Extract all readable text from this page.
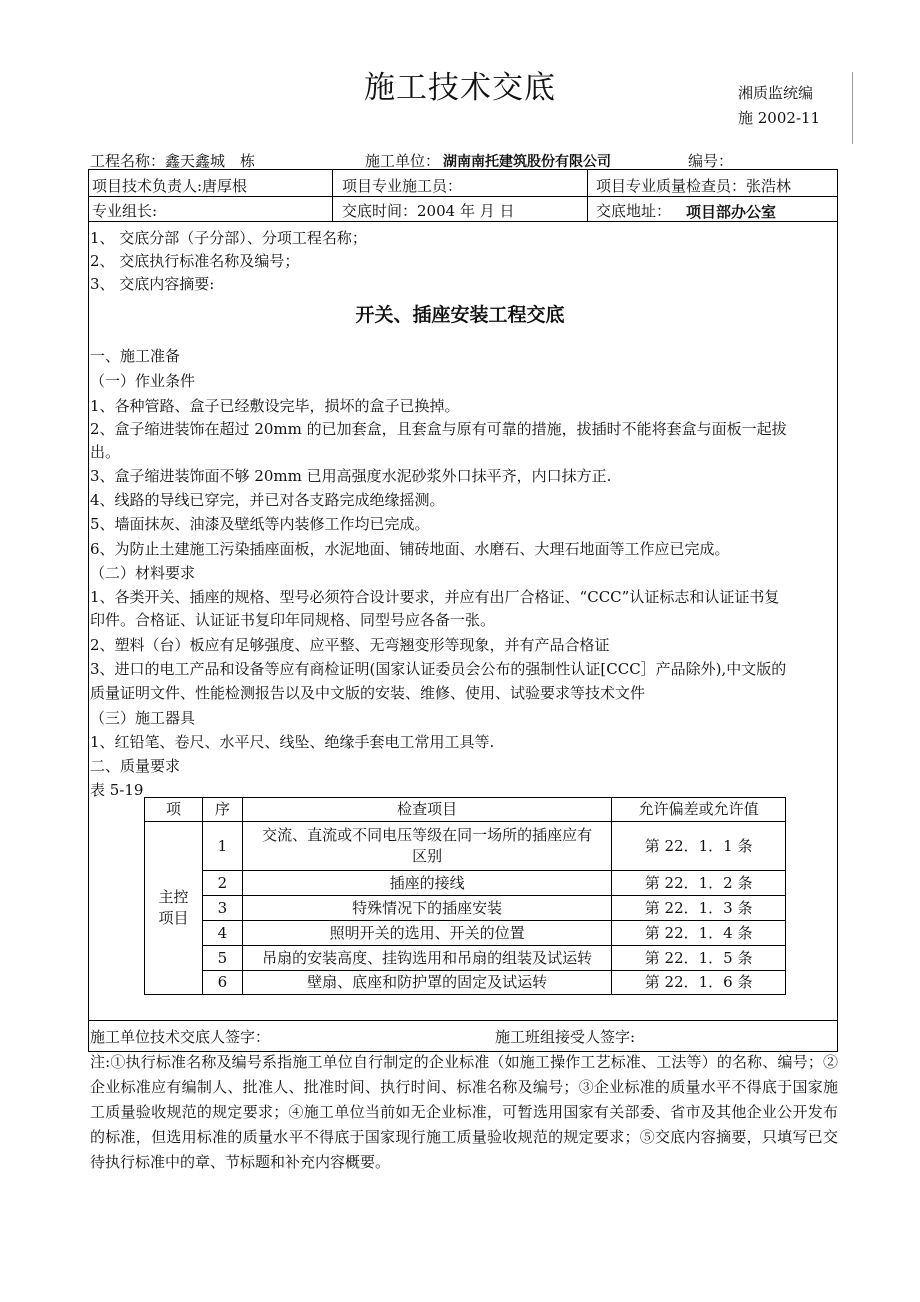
施工技术交底	湘质监统编
施 2002-11
工程名称：鑫天鑫城　栋	施工单位： 湖南南托建筑股份有限公司	编号：
项目技术负责人:唐厚根	项目专业施工员：	项目专业质量检查员：张浩林
专业组长:	交底时间：2004 年 月 日	交底地址： 项目部办公室
1、 交底分部（子分部）、分项工程名称；
2、 交底执行标准名称及编号；
3、 交底内容摘要:
开关、插座安装工程交底
一、施工准备
（一）作业条件
1、各种管路、盒子已经敷设完毕，损坏的盒子已换掉。
2、盒子缩进装饰在超过 20mm 的已加套盒，且套盒与原有可靠的措施，拔插时不能将套盒与面板一起拔
出。
3、盒子缩进装饰面不够 20mm 已用高强度水泥砂浆外口抹平齐，内口抹方正.
4、线路的导线已穿完，并已对各支路完成绝缘摇测。
5、墙面抹灰、油漆及壁纸等内装修工作均已完成。
6、为防止土建施工污染插座面板，水泥地面、铺砖地面、水磨石、大理石地面等工作应已完成。
（二）材料要求
1、各类开关、插座的规格、型号必须符合设计要求，并应有出厂合格证、“CCC”认证标志和认证证书复
印件。合格证、认证证书复印年同规格、同型号应各备一张。
2、塑料（台）板应有足够强度、应平整、无弯翘变形等现象，并有产品合格证
3、进口的电工产品和设备等应有商检证明(国家认证委员会公布的强制性认证[CCC］产品除外),中文版的
质量证明文件、性能检测报告以及中文版的安装、维修、使用、试验要求等技术文件
（三）施工器具
1、红铅笔、卷尺、水平尺、线坠、绝缘手套电工常用工具等.
二、质量要求
表 5-19
项	序	检查项目	允许偏差或允许值
主控项目	1	交流、直流或不同电压等级在同一场所的插座应有区别	第 22．1．1 条
	2	插座的接线	第 22．1．2 条
	3	特殊情况下的插座安装	第 22．1．3 条
	4	照明开关的选用、开关的位置	第 22．1．4 条
	5	吊扇的安装高度、挂钩选用和吊扇的组装及试运转	第 22．1．5 条
	6	壁扇、底座和防护罩的固定及试运转	第 22．1．6 条
施工单位技术交底人签字：	施工班组接受人签字:
注:①执行标准名称及编号系指施工单位自行制定的企业标准（如施工操作工艺标准、工法等）的名称、编号；②企业标准应有编制人、批准人、批准时间、执行时间、标准名称及编号；③企业标准的质量水平不得底于国家施工质量验收规范的规定要求；④施工单位当前如无企业标准，可暂选用国家有关部委、省市及其他企业公开发布的标准，但选用标准的质量水平不得底于国家现行施工质量验收规范的规定要求；⑤交底内容摘要，只填写已交待执行标准中的章、节标题和补充内容概要。
